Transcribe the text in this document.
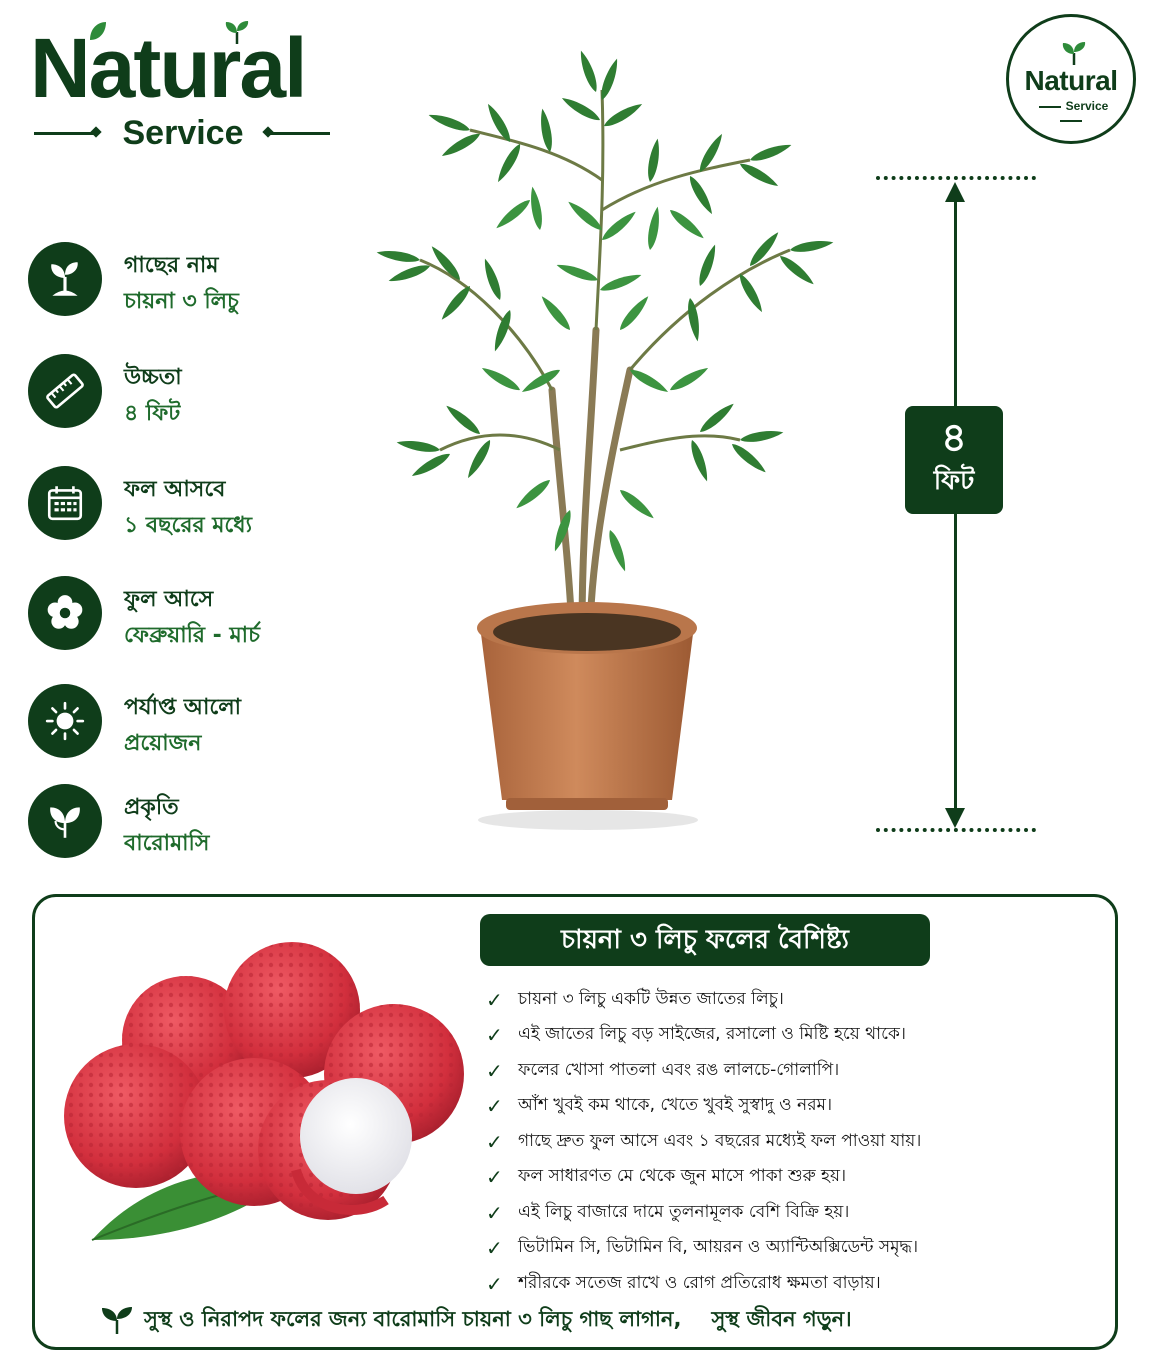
Natural
Service
Natural
Service
গাছের নাম
চায়না ৩ লিচু
উচ্চতা
৪ ফিট
ফল আসবে
১ বছরের মধ্যে
ফুল আসে
ফেব্রুয়ারি - মার্চ
পর্যাপ্ত আলো
প্রয়োজন
প্রকৃতি
বারোমাসি
৪
ফিট
চায়না ৩ লিচু ফলের বৈশিষ্ট্য
✓ চায়না ৩ লিচু একটি উন্নত জাতের লিচু।
✓ এই জাতের লিচু বড় সাইজের, রসালো ও মিষ্টি হয়ে থাকে।
✓ ফলের খোসা পাতলা এবং রঙ লালচে-গোলাপি।
✓ আঁশ খুবই কম থাকে, খেতে খুবই সুস্বাদু ও নরম।
✓ গাছে দ্রুত ফুল আসে এবং ১ বছরের মধ্যেই ফল পাওয়া যায়।
✓ ফল সাধারণত মে থেকে জুন মাসে পাকা শুরু হয়।
✓ এই লিচু বাজারে দামে তুলনামূলক বেশি বিক্রি হয়।
✓ ভিটামিন সি, ভিটামিন বি, আয়রন ও অ্যান্টিঅক্সিডেন্ট সমৃদ্ধ।
✓ শরীরকে সতেজ রাখে ও রোগ প্রতিরোধ ক্ষমতা বাড়ায়।
সুস্থ ও নিরাপদ ফলের জন্য বারোমাসি চায়না ৩ লিচু গাছ লাগান, সুস্থ জীবন গড়ুন।
